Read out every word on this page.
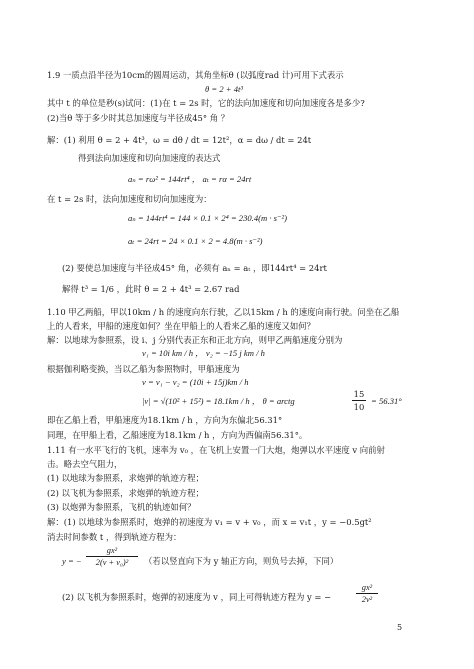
1.9 一质点沿半径为10cm的圆周运动，其角坐标θ (以弧度rad 计)可用下式表示
θ = 2 + 4t³
其中 t 的单位是秒(s)试问：(1)在 t = 2s 时，它的法向加速度和切向加速度各是多少?
(2)当θ 等于多少时其总加速度与半径成45° 角 ？
解：(1) 利用 θ = 2 + 4t³，ω = dθ / dt = 12t²，α = dω / dt = 24t
得到法向加速度和切向加速度的表达式
aₙ = rω² = 144rt⁴ ， aₜ = rα = 24rt
在 t = 2s 时，法向加速度和切向加速度为：
aₙ = 144rt⁴ = 144 × 0.1 × 2⁴ = 230.4(m · s⁻²)
aₜ = 24rt = 24 × 0.1 × 2 = 4.8(m · s⁻²)
(2) 要使总加速度与半径成45° 角，必须有 aₙ = aₜ ，即144rt⁴ = 24rt
解得 t³ = 1/6 ，此时 θ = 2 + 4t³ = 2.67 rad
1.10 甲乙两船，甲以10km / h 的速度向东行驶，乙以15km / h 的速度向南行驶。问坐在乙船
上的人看来，甲船的速度如何？坐在甲船上的人看来乙船的速度又如何？
解：以地球为参照系，设 i、j 分别代表正东和正北方向，则甲乙两船速度分别为
v₁ = 10i km / h ， v₂ = −15 j km / h
根据伽利略变换，当以乙船为参照物时，甲船速度为
v = v₁ − v₂ = (10i + 15j)km / h
|v| = √(10² + 15²) = 18.1km / h ， θ = arctg
15
10
= 56.31°
即在乙船上看，甲船速度为18.1km / h ，方向为东偏北56.31°
同理，在甲船上看，乙船速度为18.1km / h ，方向为西偏南56.31°。
1.11 有一水平飞行的飞机，速率为 v₀ ，在飞机上安置一门大炮，炮弹以水平速度 v 向前射
击。略去空气阻力，
(1) 以地球为参照系，求炮弹的轨迹方程；
(2) 以飞机为参照系，求炮弹的轨迹方程；
(3) 以炮弹为参照系，飞机的轨迹如何？
解：(1) 以地球为参照系时，炮弹的初速度为 v₁ = v + v₀ ，而 x = v₁t ，y = −0.5gt²
消去时间参数 t ，得到轨迹方程为：
y = −
gx²
2(v + v₀)²	（若以竖直向下为 y 轴正方向，则负号去掉，下同）
(2) 以飞机为参照系时，炮弹的初速度为 v ，同上可得轨迹方程为 y = −
gx²
2v²
5
